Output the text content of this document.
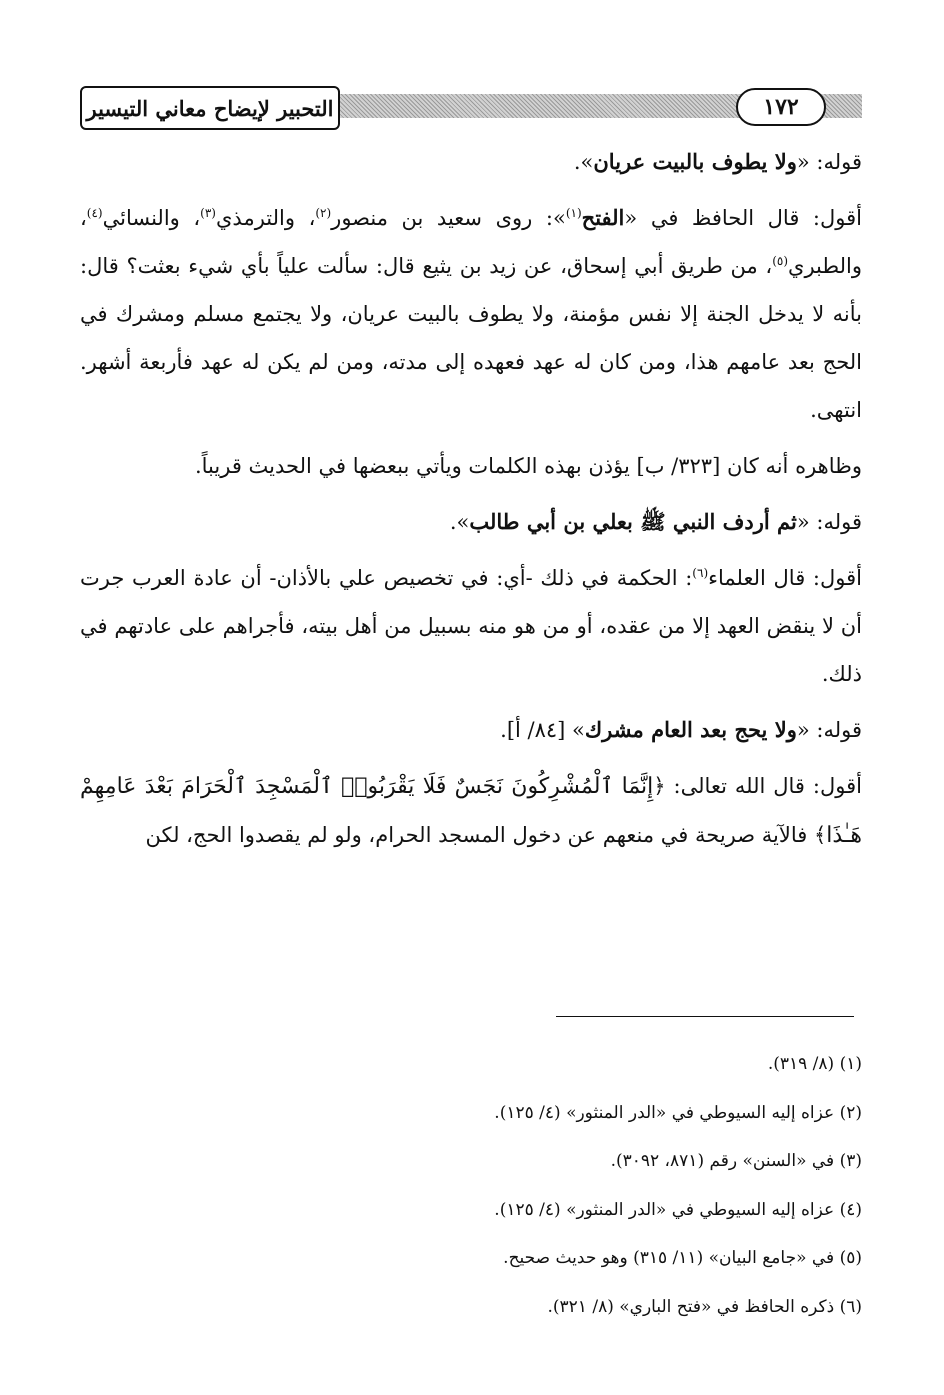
التحبير لإيضاح معاني التيسير	١٧٢

قوله: «ولا يطوف بالبيت عريان».

أقول: قال الحافظ في «الفتح$^{(١)}$»: روى سعيد بن منصور$^{(٢)}$، والترمذي$^{(٣)}$، والنسائي$^{(٤)}$، والطبري$^{(٥)}$، من طريق أبي إسحاق، عن زيد بن يثيع قال: سألت علياً بأي شيء بعثت؟ قال: بأنه لا يدخل الجنة إلا نفس مؤمنة، ولا يطوف بالبيت عريان، ولا يجتمع مسلم ومشرك في الحج بعد عامهم هذا، ومن كان له عهد فعهده إلى مدته، ومن لم يكن له عهد فأربعة أشهر. انتهى.

وظاهره أنه كان [٣٢٣/ ب] يؤذن بهذه الكلمات ويأتي ببعضها في الحديث قريباً.

قوله: «ثم أردف النبي ﷺ بعلي بن أبي طالب».

أقول: قال العلماء$^{(٦)}$: الحكمة في ذلك -أي: في تخصيص علي بالأذان- أن عادة العرب جرت أن لا ينقض العهد إلا من عقده، أو من هو منه بسبيل من أهل بيته، فأجراهم على عادتهم في ذلك.

قوله: «ولا يحج بعد العام مشرك» [٨٤/ أ].

أقول: قال الله تعالى: ﴿إِنَّمَا ٱلْمُشْرِكُونَ نَجَسٌ فَلَا يَقْرَبُوا۟ ٱلْمَسْجِدَ ٱلْحَرَامَ بَعْدَ عَامِهِمْ هَـٰذَا﴾ فالآية صريحة في منعهم عن دخول المسجد الحرام، ولو لم يقصدوا الحج، لكن

(١) (٨/ ٣١٩).

(٢) عزاه إليه السيوطي في «الدر المنثور» (٤/ ١٢٥).

(٣) في «السنن» رقم (٨٧١، ٣٠٩٢).

(٤) عزاه إليه السيوطي في «الدر المنثور» (٤/ ١٢٥).

(٥) في «جامع البيان» (١١/ ٣١٥) وهو حديث صحيح.

(٦) ذكره الحافظ في «فتح الباري» (٨/ ٣٢١).
